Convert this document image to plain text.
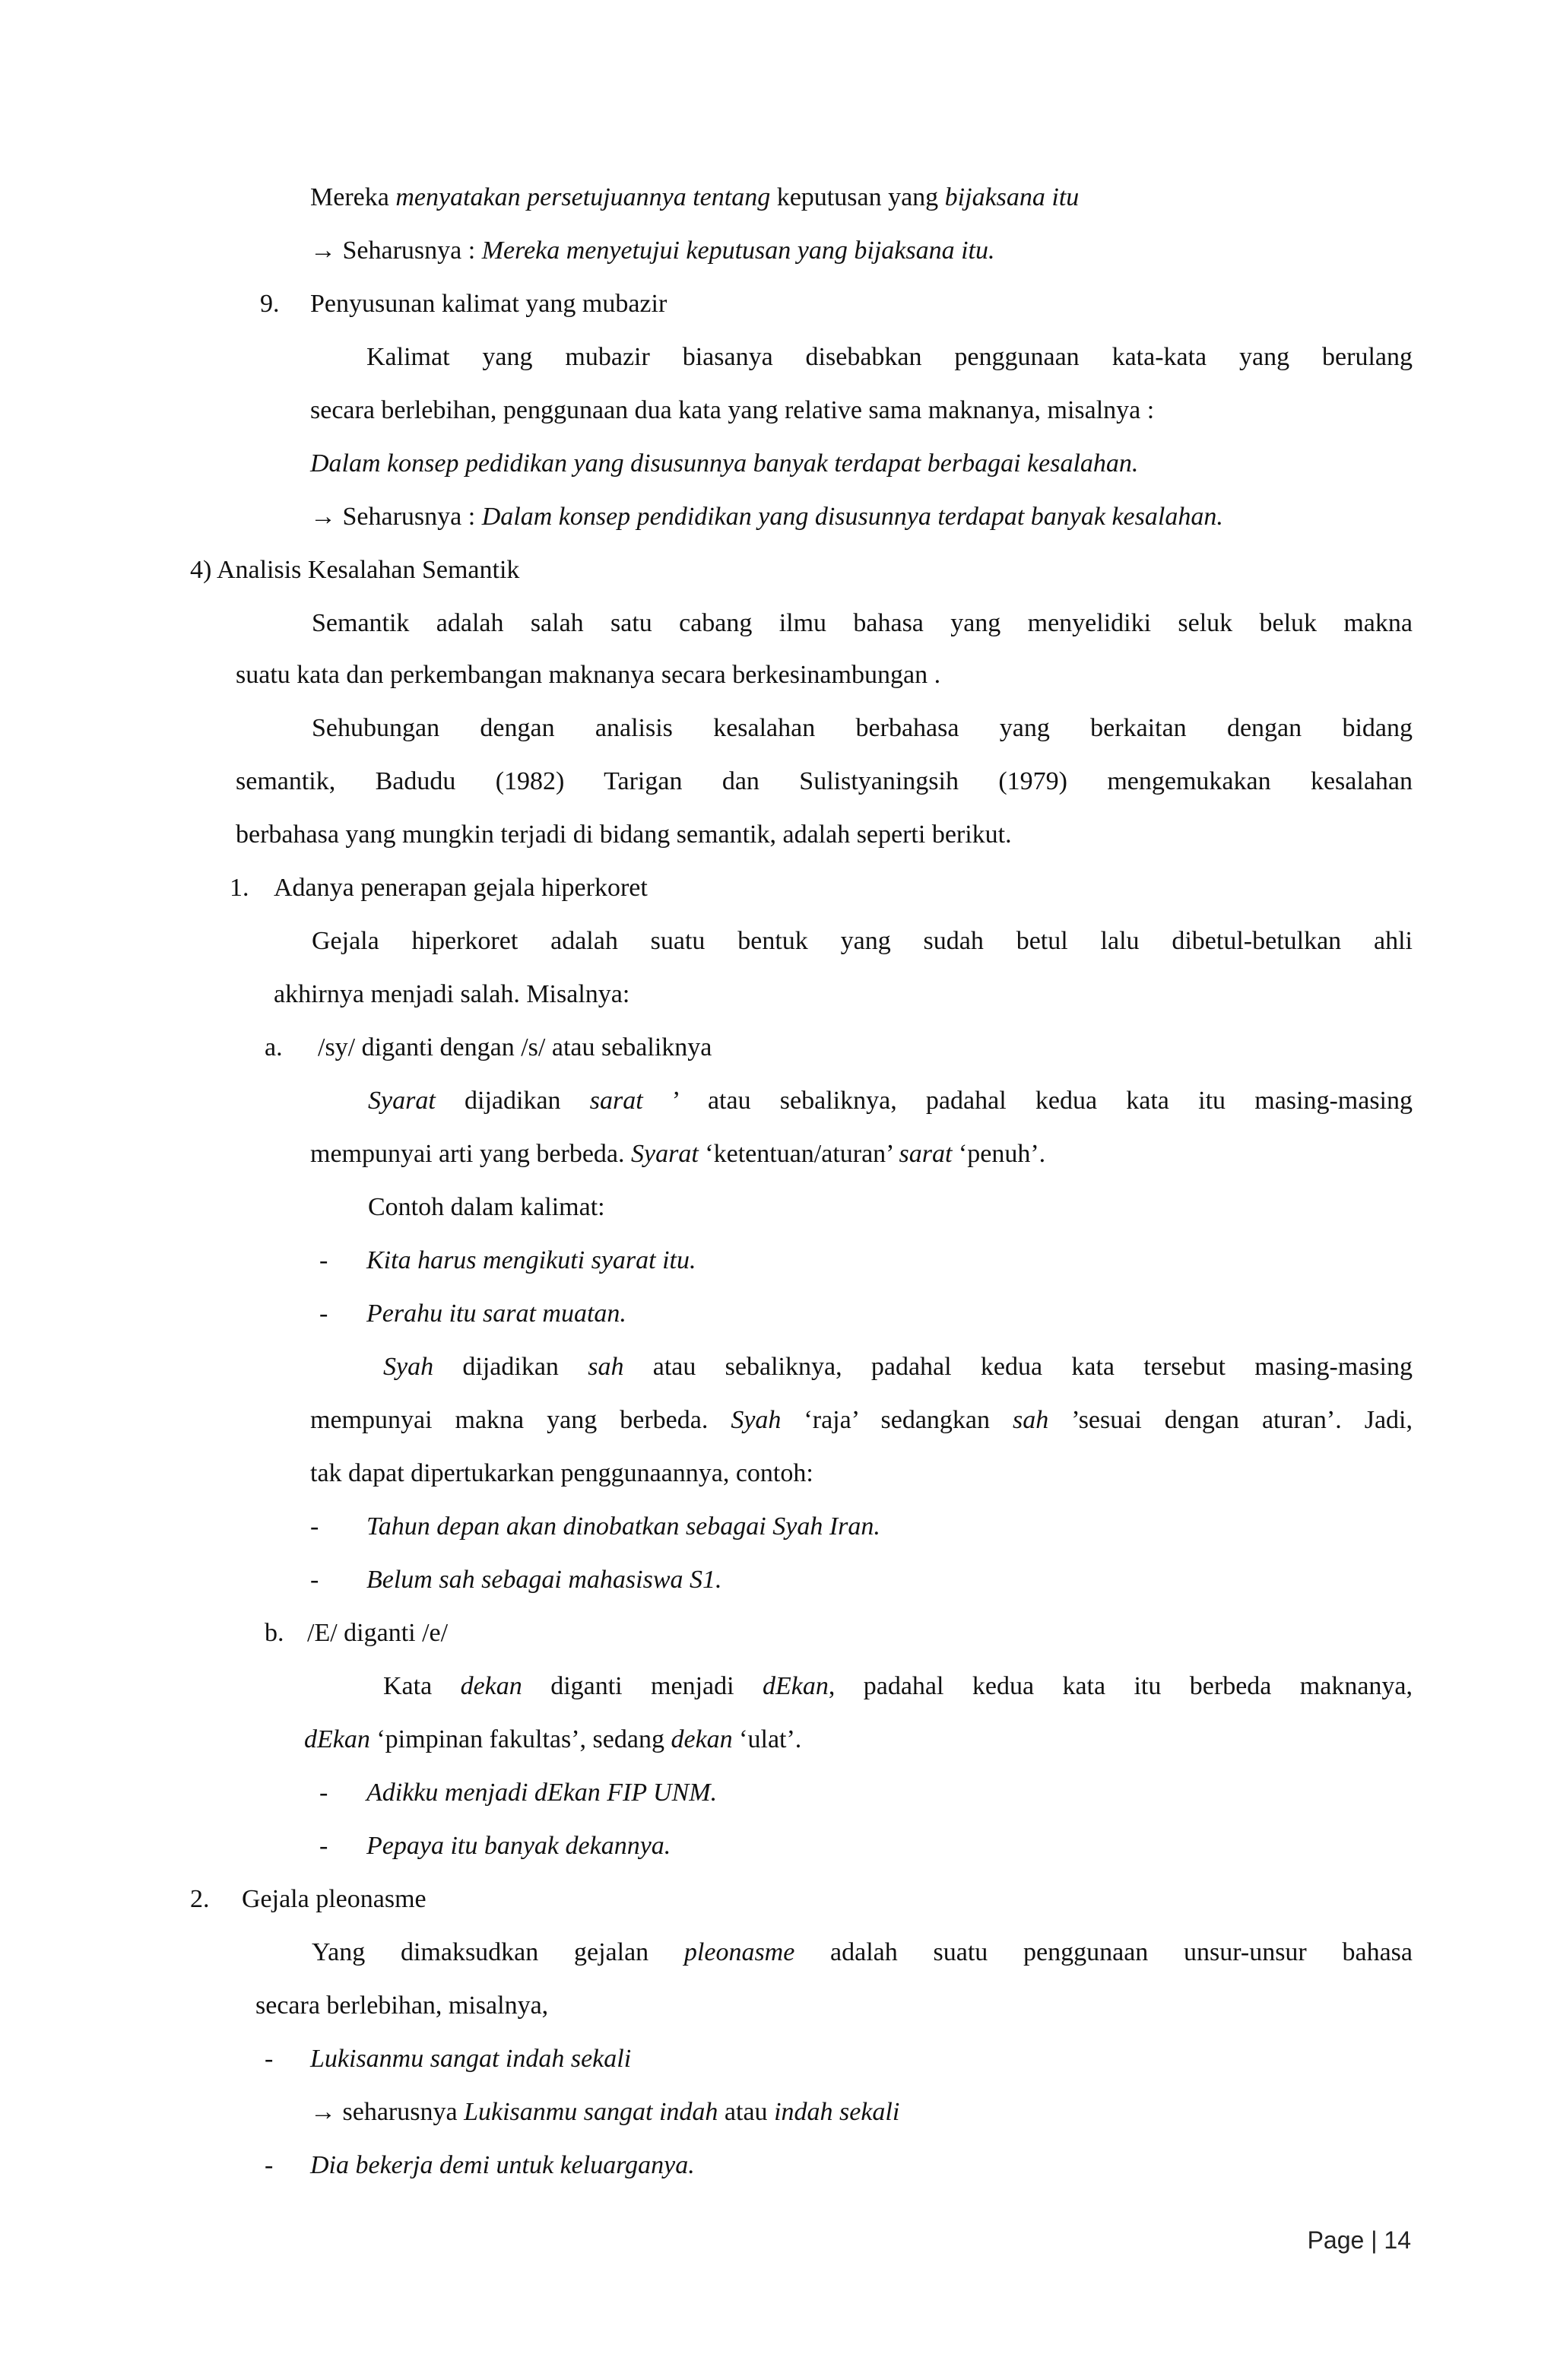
Mereka menyatakan persetujuannya tentang keputusan yang bijaksana itu
→ Seharusnya : Mereka menyetujui keputusan yang bijaksana itu.
9. Penyusunan kalimat yang mubazir
Kalimat yang mubazir biasanya disebabkan penggunaan kata-kata yang berulang
secara berlebihan, penggunaan dua kata yang relative sama maknanya, misalnya :
Dalam konsep pedidikan yang disusunnya banyak terdapat berbagai kesalahan.
→ Seharusnya : Dalam konsep pendidikan yang disusunnya terdapat banyak kesalahan.
4) Analisis Kesalahan Semantik
Semantik adalah salah satu cabang ilmu bahasa yang menyelidiki seluk beluk makna
suatu kata dan perkembangan maknanya secara berkesinambungan .
Sehubungan dengan analisis kesalahan berbahasa yang berkaitan dengan bidang
semantik, Badudu (1982) Tarigan dan Sulistyaningsih (1979) mengemukakan kesalahan
berbahasa yang mungkin terjadi di bidang semantik, adalah seperti berikut.
1. Adanya penerapan gejala hiperkoret
Gejala hiperkoret adalah suatu bentuk yang sudah betul lalu dibetul-betulkan ahli
akhirnya menjadi salah. Misalnya:
a. /sy/ diganti dengan /s/ atau sebaliknya
Syarat dijadikan sarat ’ atau sebaliknya, padahal kedua kata itu masing-masing
mempunyai arti yang berbeda. Syarat ‘ketentuan/aturan’ sarat ‘penuh’.
Contoh dalam kalimat:
- Kita harus mengikuti syarat itu.
- Perahu itu sarat muatan.
Syah dijadikan sah atau sebaliknya, padahal kedua kata tersebut masing-masing
mempunyai makna yang berbeda. Syah ‘raja’ sedangkan sah ’sesuai dengan aturan’. Jadi,
tak dapat dipertukarkan penggunaannya, contoh:
- Tahun depan akan dinobatkan sebagai Syah Iran.
- Belum sah sebagai mahasiswa S1.
b. /E/ diganti /e/
Kata dekan diganti menjadi dEkan, padahal kedua kata itu berbeda maknanya,
dEkan ‘pimpinan fakultas’, sedang dekan ‘ulat’.
- Adikku menjadi dEkan FIP UNM.
- Pepaya itu banyak dekannya.
2. Gejala pleonasme
Yang dimaksudkan gejalan pleonasme adalah suatu penggunaan unsur-unsur bahasa
secara berlebihan, misalnya,
- Lukisanmu sangat indah sekali
→ seharusnya Lukisanmu sangat indah atau indah sekali
- Dia bekerja demi untuk keluarganya.
Page | 14
